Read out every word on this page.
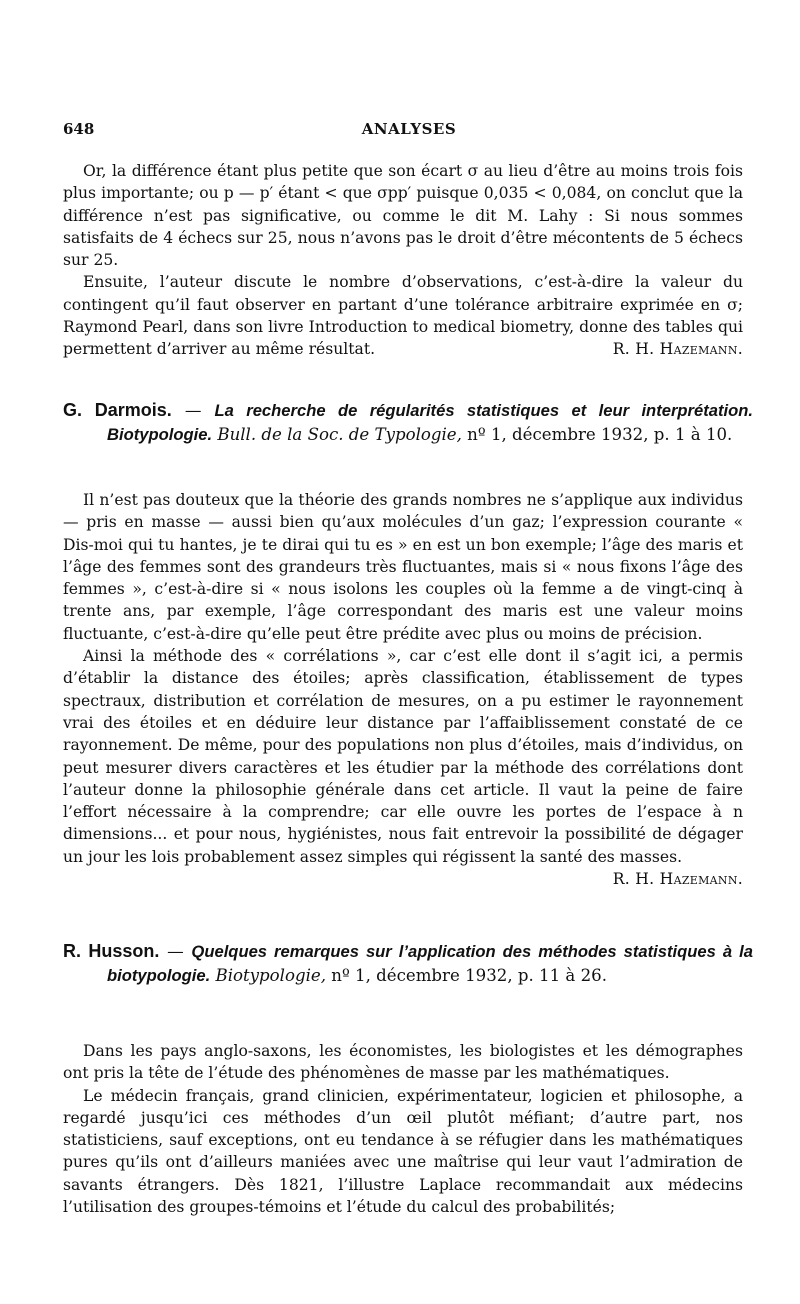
648	ANALYSES

Or, la différence étant plus petite que son écart σ au lieu d’être au moins trois fois plus importante; ou p — p′ étant < que σpp′ puisque 0,035 < 0,084, on conclut que la différence n’est pas significative, ou comme le dit M. Lahy : Si nous sommes satisfaits de 4 échecs sur 25, nous n’avons pas le droit d’être mécontents de 5 échecs sur 25.

Ensuite, l’auteur discute le nombre d’observations, c’est-à-dire la valeur du contingent qu’il faut observer en partant d’une tolérance arbitraire exprimée en σ; Raymond Pearl, dans son livre Introduction to medical biometry, donne des tables qui permettent d’arriver au même résultat.	R. H. Hazemann.

G. Darmois. — La recherche de régularités statistiques et leur interprétation. Biotypologie. Bull. de la Soc. de Typologie, nº 1, décembre 1932, p. 1 à 10.

Il n’est pas douteux que la théorie des grands nombres ne s’applique aux individus — pris en masse — aussi bien qu’aux molécules d’un gaz; l’expression courante « Dis-moi qui tu hantes, je te dirai qui tu es » en est un bon exemple; l’âge des maris et l’âge des femmes sont des grandeurs très fluctuantes, mais si « nous fixons l’âge des femmes », c’est-à-dire si « nous isolons les couples où la femme a de vingt-cinq à trente ans, par exemple, l’âge correspondant des maris est une valeur moins fluctuante, c’est-à-dire qu’elle peut être prédite avec plus ou moins de précision.

Ainsi la méthode des « corrélations », car c’est elle dont il s’agit ici, a permis d’établir la distance des étoiles; après classification, établissement de types spectraux, distribution et corrélation de mesures, on a pu estimer le rayonnement vrai des étoiles et en déduire leur distance par l’affaiblissement constaté de ce rayonnement. De même, pour des populations non plus d’étoiles, mais d’individus, on peut mesurer divers caractères et les étudier par la méthode des corrélations dont l’auteur donne la philosophie générale dans cet article. Il vaut la peine de faire l’effort nécessaire à la comprendre; car elle ouvre les portes de l’espace à n dimensions... et pour nous, hygiénistes, nous fait entrevoir la possibilité de dégager un jour les lois probablement assez simples qui régissent la santé des masses.
R. H. Hazemann.

R. Husson. — Quelques remarques sur l’application des méthodes statistiques à la biotypologie. Biotypologie, nº 1, décembre 1932, p. 11 à 26.

Dans les pays anglo-saxons, les économistes, les biologistes et les démographes ont pris la tête de l’étude des phénomènes de masse par les mathématiques.

Le médecin français, grand clinicien, expérimentateur, logicien et philosophe, a regardé jusqu’ici ces méthodes d’un œil plutôt méfiant; d’autre part, nos statisticiens, sauf exceptions, ont eu tendance à se réfugier dans les mathématiques pures qu’ils ont d’ailleurs maniées avec une maîtrise qui leur vaut l’admiration de savants étrangers. Dès 1821, l’illustre Laplace recommandait aux médecins l’utilisation des groupes-témoins et l’étude du calcul des probabilités;
